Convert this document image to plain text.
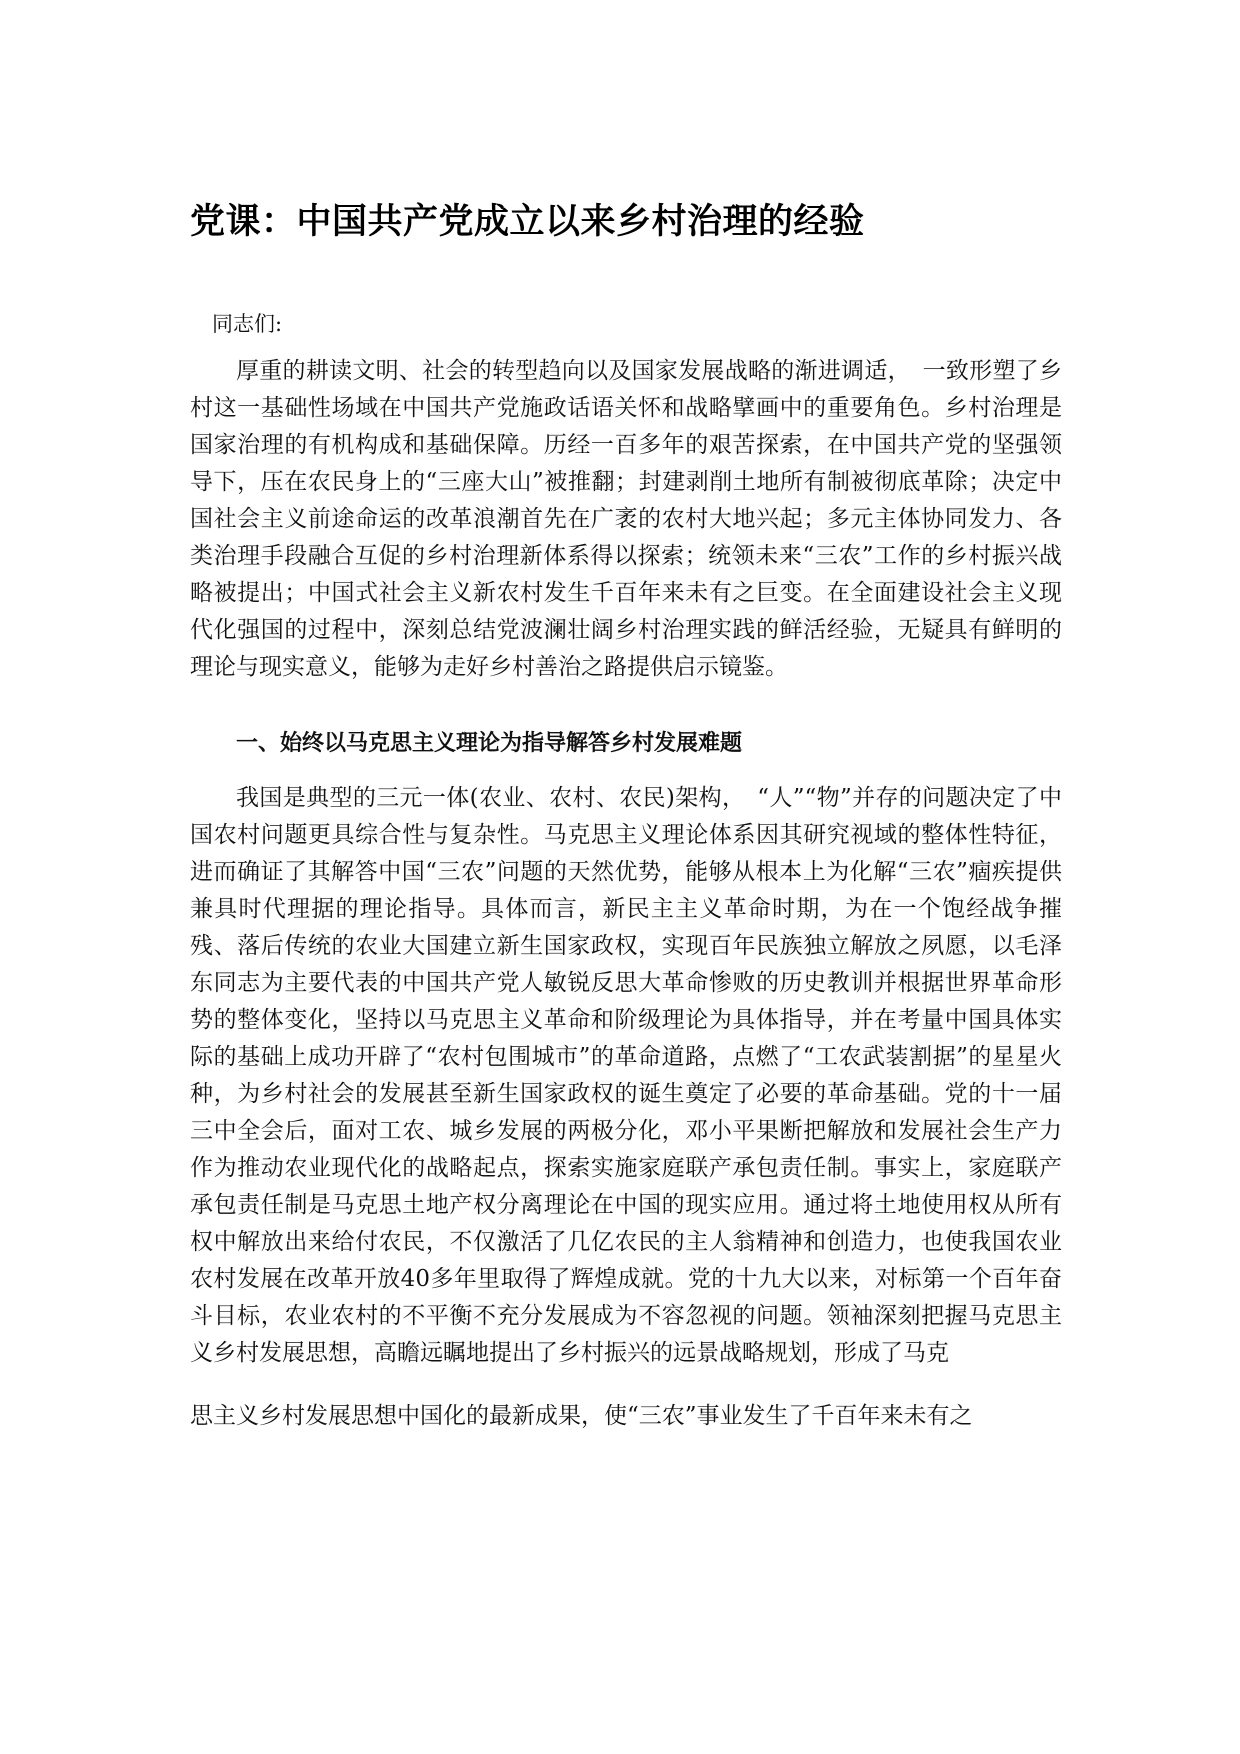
党课：中国共产党成立以来乡村治理的经验

同志们:

厚重的耕读文明、社会的转型趋向以及国家发展战略的渐进调适，　一致形塑了乡村这一基础性场域在中国共产党施政话语关怀和战略擘画中的重要角色。乡村治理是国家治理的有机构成和基础保障。历经一百多年的艰苦探索，在中国共产党的坚强领导下，压在农民身上的“三座大山”被推翻；封建剥削土地所有制被彻底革除；决定中国社会主义前途命运的改革浪潮首先在广袤的农村大地兴起；多元主体协同发力、各类治理手段融合互促的乡村治理新体系得以探索；统领未来“三农”工作的乡村振兴战略被提出；中国式社会主义新农村发生千百年来未有之巨变。在全面建设社会主义现代化强国的过程中，深刻总结党波澜壮阔乡村治理实践的鲜活经验，无疑具有鲜明的理论与现实意义，能够为走好乡村善治之路提供启示镜鉴。

一、始终以马克思主义理论为指导解答乡村发展难题

我国是典型的三元一体(农业、农村、农民)架构，　“人”“物”并存的问题决定了中国农村问题更具综合性与复杂性。马克思主义理论体系因其研究视域的整体性特征，进而确证了其解答中国“三农”问题的天然优势，能够从根本上为化解“三农”痼疾提供兼具时代理据的理论指导。具体而言，新民主主义革命时期，为在一个饱经战争摧残、落后传统的农业大国建立新生国家政权，实现百年民族独立解放之夙愿，以毛泽东同志为主要代表的中国共产党人敏锐反思大革命惨败的历史教训并根据世界革命形势的整体变化，坚持以马克思主义革命和阶级理论为具体指导，并在考量中国具体实际的基础上成功开辟了“农村包围城市”的革命道路，点燃了“工农武装割据”的星星火种，为乡村社会的发展甚至新生国家政权的诞生奠定了必要的革命基础。党的十一届三中全会后，面对工农、城乡发展的两极分化，邓小平果断把解放和发展社会生产力作为推动农业现代化的战略起点，探索实施家庭联产承包责任制。事实上，家庭联产承包责任制是马克思土地产权分离理论在中国的现实应用。通过将土地使用权从所有权中解放出来给付农民，不仅激活了几亿农民的主人翁精神和创造力，也使我国农业农村发展在改革开放40多年里取得了辉煌成就。党的十九大以来，对标第一个百年奋斗目标，农业农村的不平衡不充分发展成为不容忽视的问题。领袖深刻把握马克思主义乡村发展思想，高瞻远瞩地提出了乡村振兴的远景战略规划，形成了马克

思主义乡村发展思想中国化的最新成果，使“三农”事业发生了千百年来未有之
